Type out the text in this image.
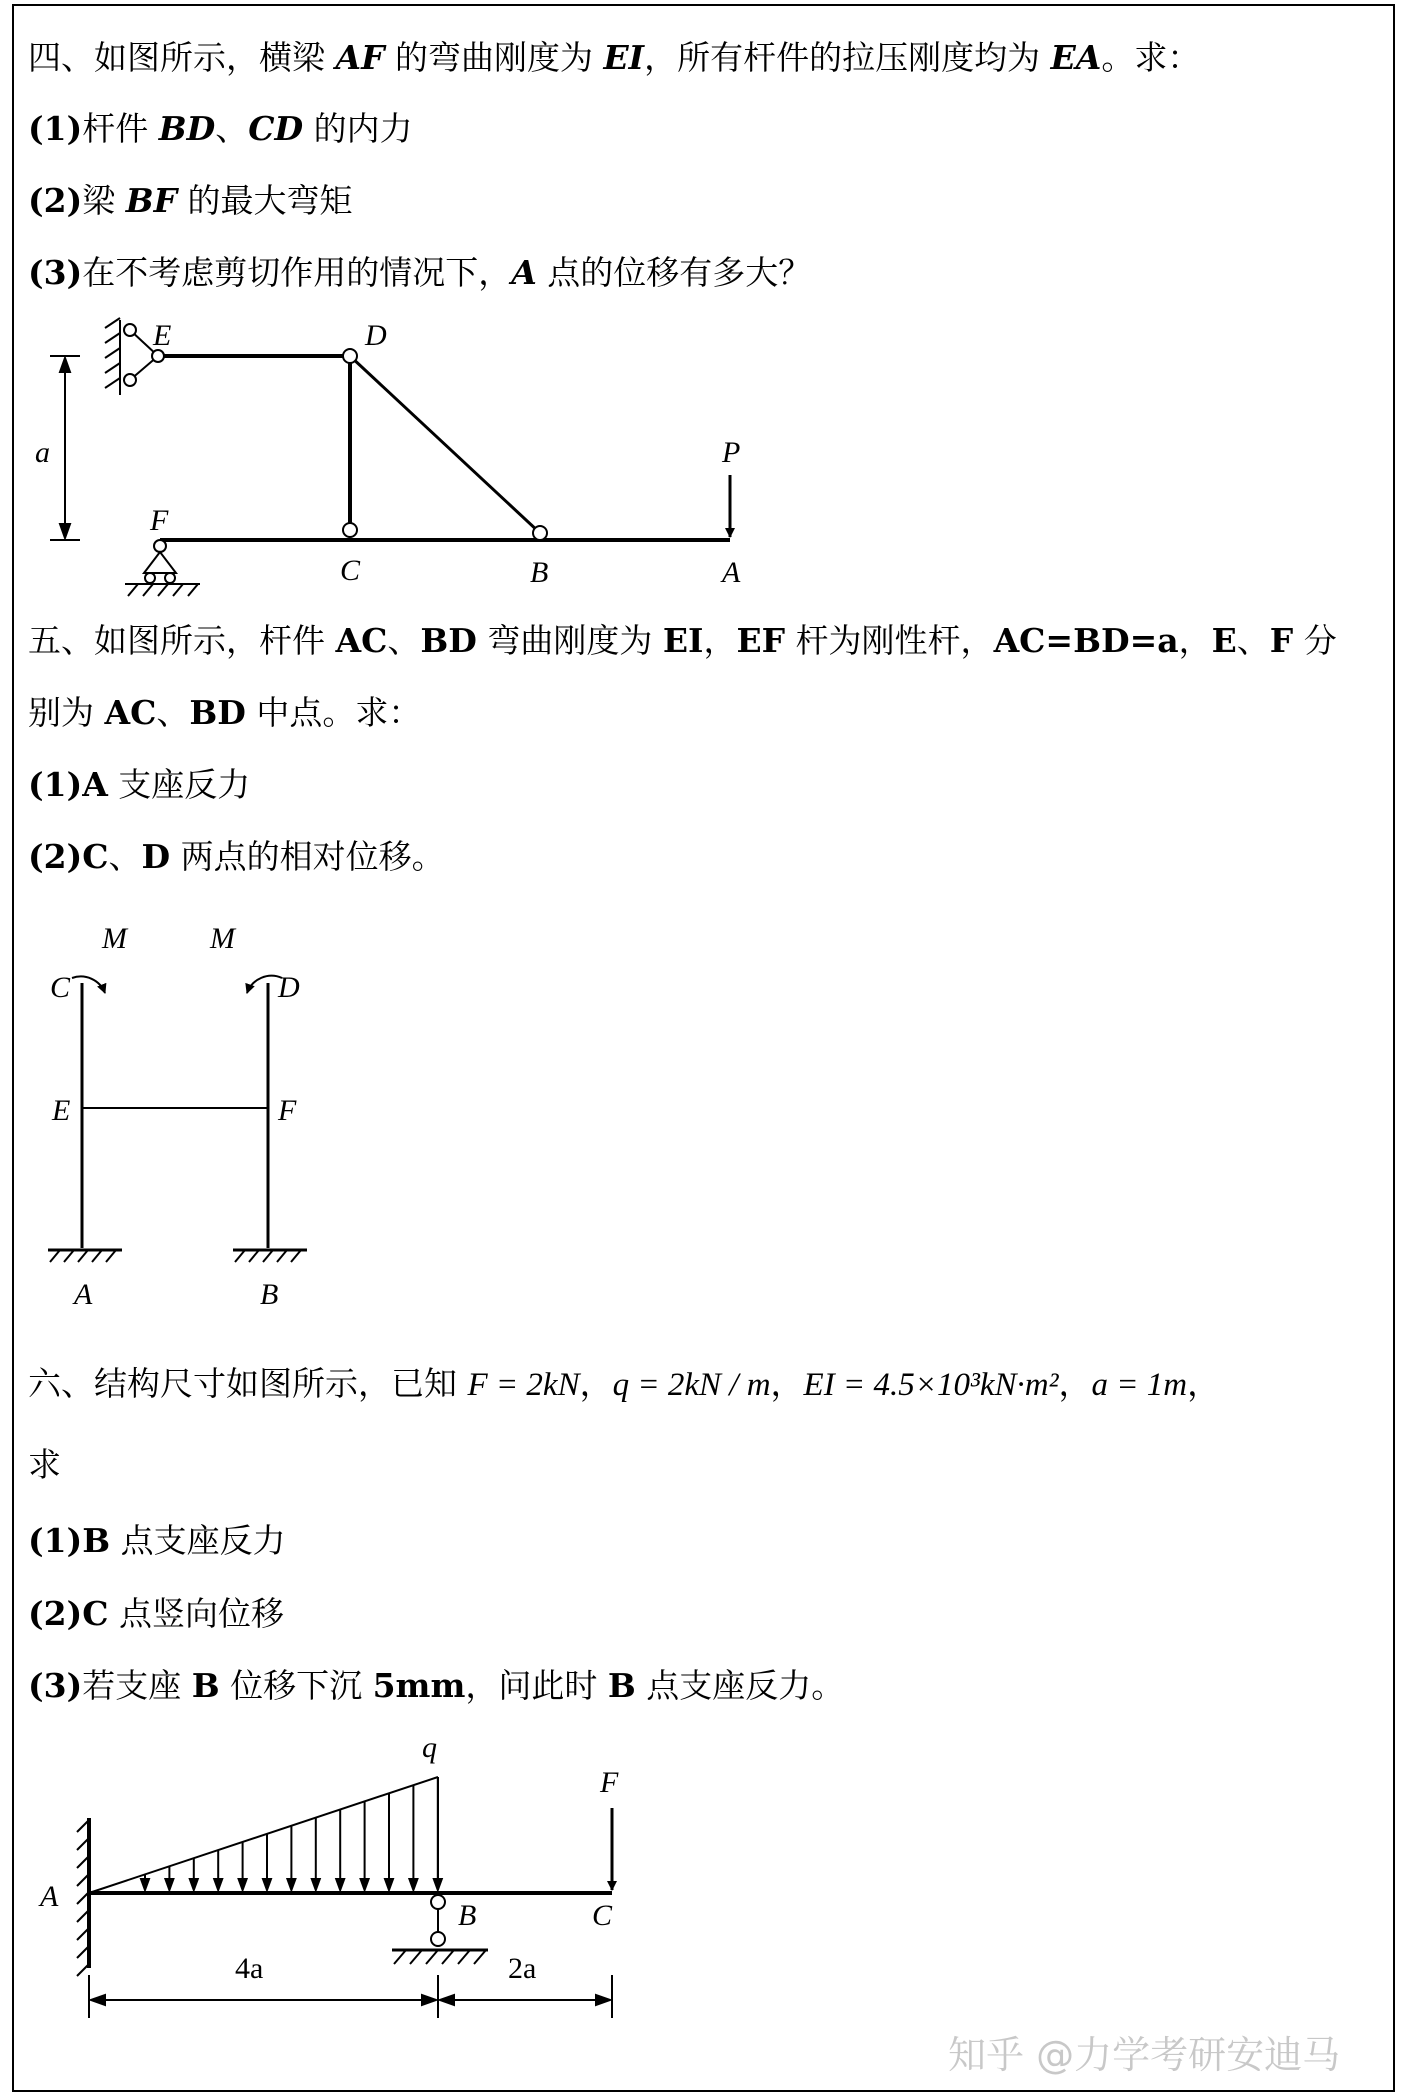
四、如图所示，横梁 AF 的弯曲刚度为 EI，所有杆件的拉压刚度均为 EA。求：
(1)杆件 BD、CD 的内力
(2)梁 BF 的最大弯矩
(3)在不考虑剪切作用的情况下，A 点的位移有多大？
五、如图所示，杆件 AC、BD 弯曲刚度为 EI，EF 杆为刚性杆，AC=BD=a，E、F 分
别为 AC、BD 中点。求：
(1)A 支座反力
(2)C、D 两点的相对位移。
六、结构尺寸如图所示，已知 F = 2kN，q = 2kN / m，EI = 4.5×10³kN·m²，a = 1m，
求
(1)B 点支座反力
(2)C 点竖向位移
(3)若支座 B 位移下沉 5mm，问此时 B 点支座反力。
E	D
a	P
F
C	B	A
M	M
C	D
E	F
A	B
q
F
A
B	C
4a	2a
知乎 @力学考研安迪马
